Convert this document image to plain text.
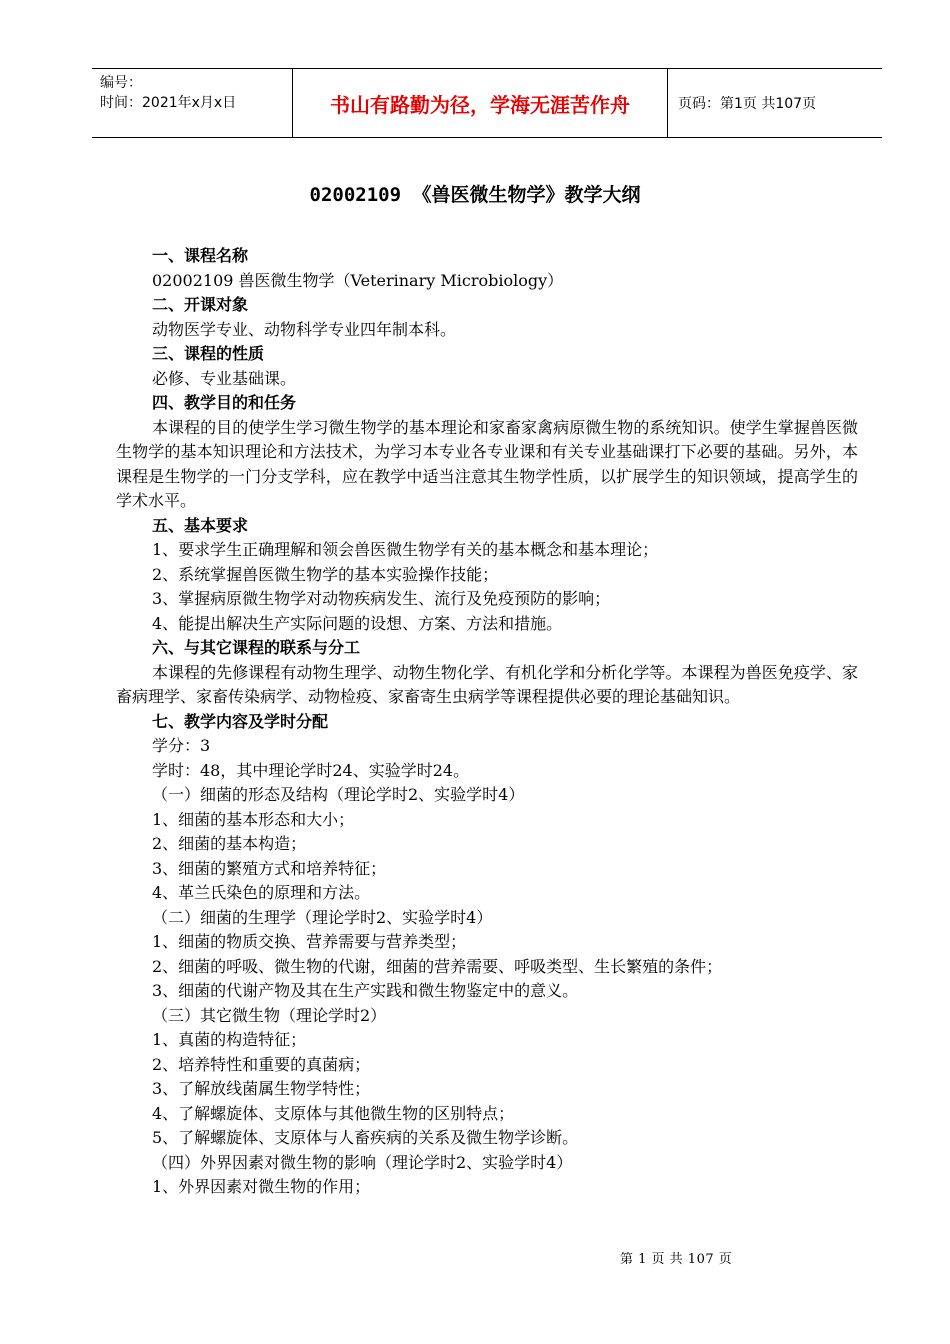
编号：
时间：2021年x月x日	书山有路勤为径，学海无涯苦作舟	页码：第1页 共107页
02002109 《兽医微生物学》教学大纲

一、课程名称

02002109 兽医微生物学（Veterinary Microbiology）

二、开课对象

动物医学专业、动物科学专业四年制本科。

三、课程的性质

必修、专业基础课。

四、教学目的和任务

本课程的目的使学生学习微生物学的基本理论和家畜家禽病原微生物的系统知识。使学生掌握兽医微生物学的基本知识理论和方法技术，为学习本专业各专业课和有关专业基础课打下必要的基础。另外，本课程是生物学的一门分支学科，应在教学中适当注意其生物学性质，以扩展学生的知识领域，提高学生的学术水平。

五、基本要求

1、要求学生正确理解和领会兽医微生物学有关的基本概念和基本理论；

2、系统掌握兽医微生物学的基本实验操作技能；

3、掌握病原微生物学对动物疾病发生、流行及免疫预防的影响；

4、能提出解决生产实际问题的设想、方案、方法和措施。

六、与其它课程的联系与分工

本课程的先修课程有动物生理学、动物生物化学、有机化学和分析化学等。本课程为兽医免疫学、家畜病理学、家畜传染病学、动物检疫、家畜寄生虫病学等课程提供必要的理论基础知识。

七、教学内容及学时分配

学分：3

学时：48，其中理论学时24、实验学时24。

（一）细菌的形态及结构（理论学时2、实验学时4）

1、细菌的基本形态和大小；

2、细菌的基本构造；

3、细菌的繁殖方式和培养特征；

4、革兰氏染色的原理和方法。

（二）细菌的生理学（理论学时2、实验学时4）

1、细菌的物质交换、营养需要与营养类型；

2、细菌的呼吸、微生物的代谢，细菌的营养需要、呼吸类型、生长繁殖的条件；

3、细菌的代谢产物及其在生产实践和微生物鉴定中的意义。

（三）其它微生物（理论学时2）

1、真菌的构造特征；

2、培养特性和重要的真菌病；

3、了解放线菌属生物学特性；

4、了解螺旋体、支原体与其他微生物的区别特点；

5、了解螺旋体、支原体与人畜疾病的关系及微生物学诊断。

（四）外界因素对微生物的影响（理论学时2、实验学时4）

1、外界因素对微生物的作用；

第 1 页 共 107 页
